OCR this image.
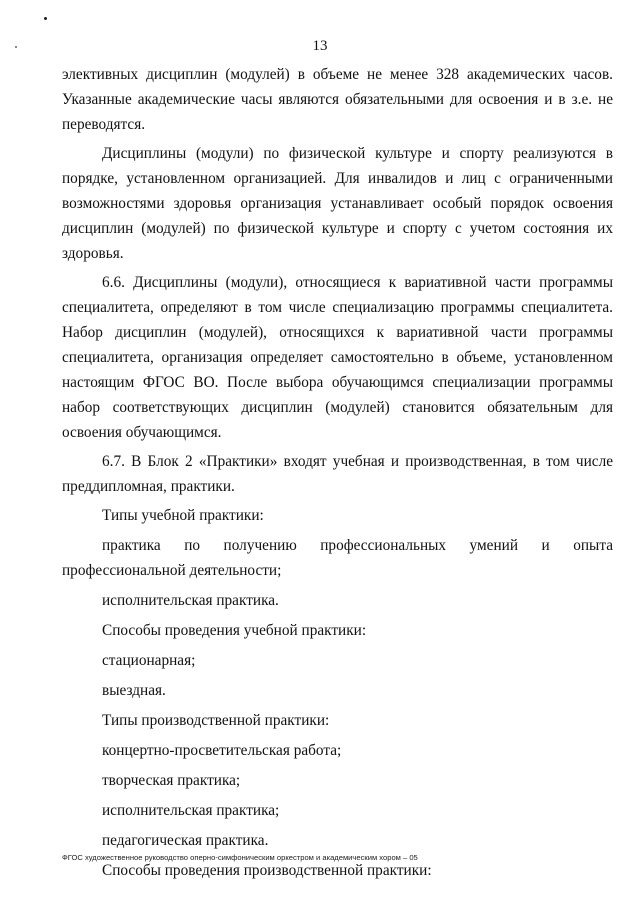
13

элективных дисциплин (модулей) в объеме не менее 328 академических часов. Указанные академические часы являются обязательными для освоения и в з.е. не переводятся.

Дисциплины (модули) по физической культуре и спорту реализуются в порядке, установленном организацией. Для инвалидов и лиц с ограниченными возможностями здоровья организация устанавливает особый порядок освоения дисциплин (модулей) по физической культуре и спорту с учетом состояния их здоровья.

6.6. Дисциплины (модули), относящиеся к вариативной части программы специалитета, определяют в том числе специализацию программы специалитета. Набор дисциплин (модулей), относящихся к вариативной части программы специалитета, организация определяет самостоятельно в объеме, установленном настоящим ФГОС ВО. После выбора обучающимся специализации программы набор соответствующих дисциплин (модулей) становится обязательным для освоения обучающимся.

6.7. В Блок 2 «Практики» входят учебная и производственная, в том числе преддипломная, практики.

Типы учебной практики:

практика по получению профессиональных умений и опыта профессиональной деятельности;

исполнительская практика.

Способы проведения учебной практики:

стационарная;

выездная.

Типы производственной практики:

концертно-просветительская работа;

творческая практика;

исполнительская практика;

педагогическая практика.

Способы проведения производственной практики:

ФГОС художественное руководство оперно-симфоническим оркестром и академическим хором – 05
